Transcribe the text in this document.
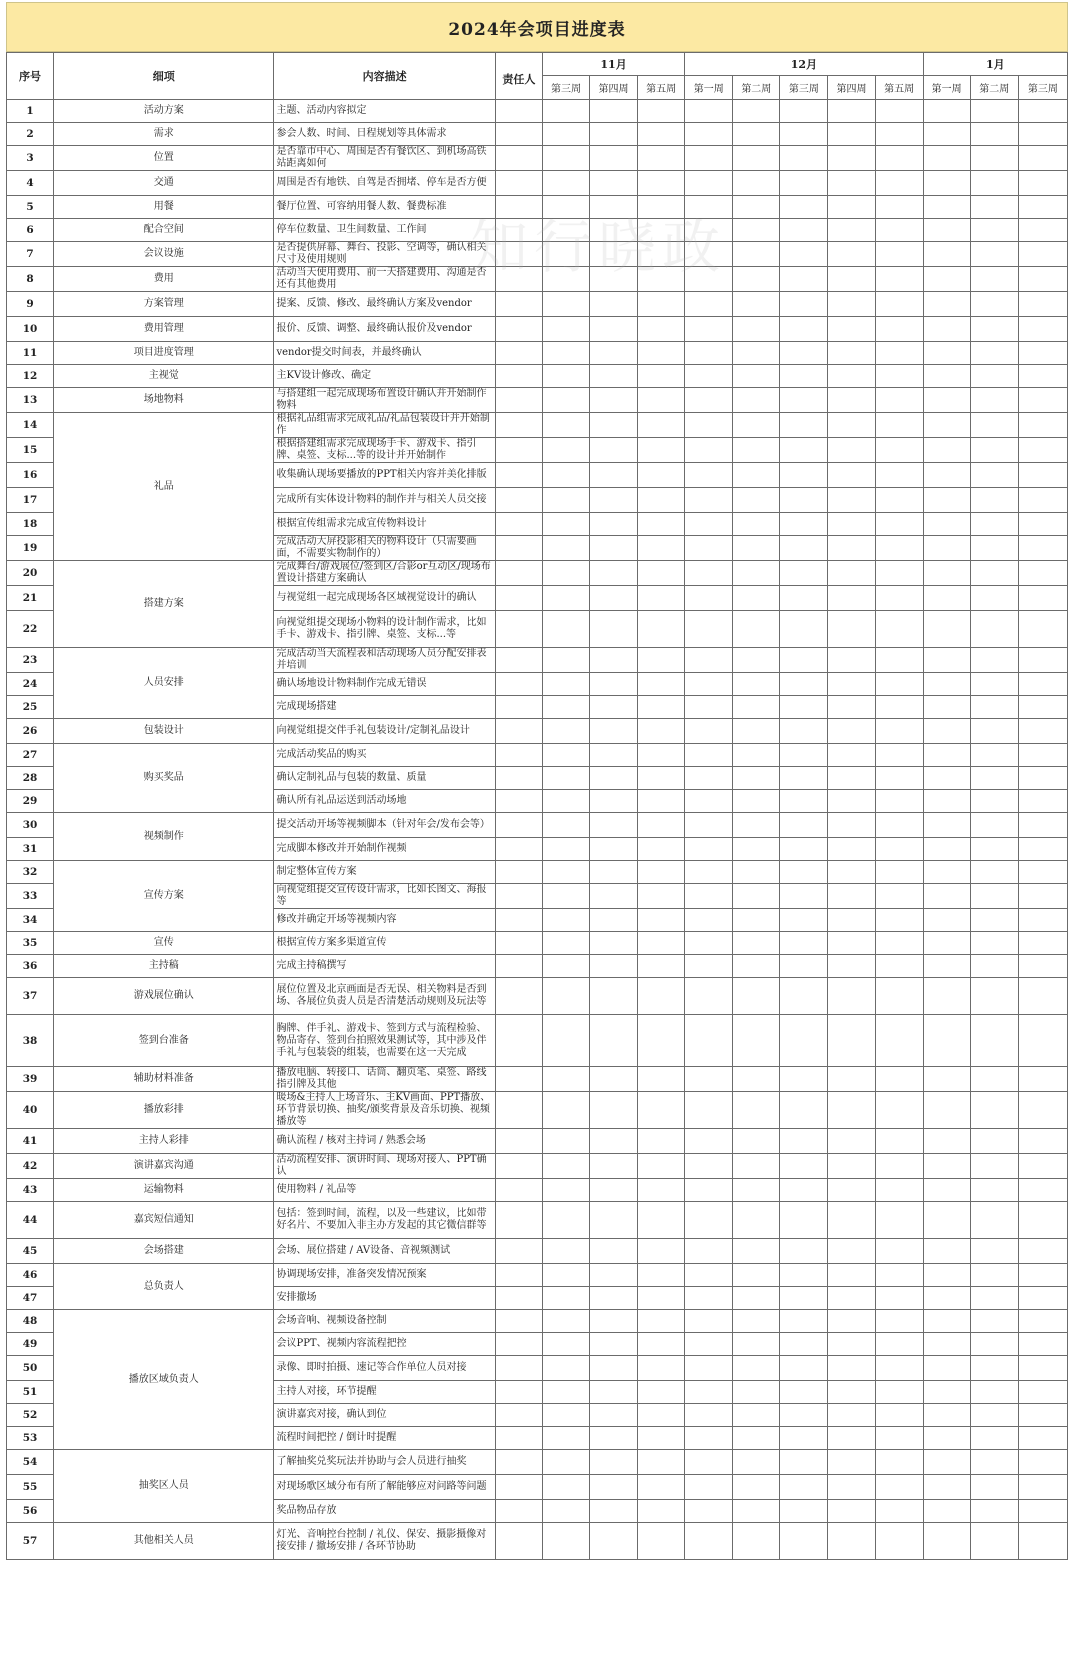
2024年会项目进度表
序号	细项	内容描述	责任人	11月			12月					1月		
				第三周	第四周	第五周	第一周	第二周	第三周	第四周	第五周	第一周	第二周	第三周
1	活动方案	主题、活动内容拟定												
2	需求	参会人数、时间、日程规划等具体需求												
3	位置	是否靠市中心、周围是否有餐饮区、到机场高铁站距离如何												
4	交通	周围是否有地铁、自驾是否拥堵、停车是否方便												
5	用餐	餐厅位置、可容纳用餐人数、餐费标准												
6	配合空间	停车位数量、卫生间数量、工作间												
7	会议设施	是否提供屏幕、舞台、投影、空调等，确认相关尺寸及使用规则												
8	费用	活动当天使用费用、前一天搭建费用、沟通是否还有其他费用												
9	方案管理	提案、反馈、修改、最终确认方案及vendor												
10	费用管理	报价、反馈、调整、最终确认报价及vendor												
11	项目进度管理	vendor提交时间表，并最终确认												
12	主视觉	主KV设计修改、确定												
13	场地物料	与搭建组一起完成现场布置设计确认并开始制作物料												
14	礼品	根据礼品组需求完成礼品/礼品包装设计并开始制作												
15		根据搭建组需求完成现场手卡、游戏卡、指引牌、桌签、支标...等的设计并开始制作												
16		收集确认现场要播放的PPT相关内容并美化排版												
17		完成所有实体设计物料的制作并与相关人员交接												
18		根据宣传组需求完成宣传物料设计												
19		完成活动大屏投影相关的物料设计（只需要画面，不需要实物制作的）												
20	搭建方案	完成舞台/游戏展位/签到区/合影or互动区/现场布置设计搭建方案确认												
21		与视觉组一起完成现场各区域视觉设计的确认												
22		向视觉组提交现场小物料的设计制作需求，比如手卡、游戏卡、指引牌、桌签、支标...等												
23	人员安排	完成活动当天流程表和活动现场人员分配安排表并培训												
24		确认场地设计物料制作完成无错误												
25		完成现场搭建												
26	包装设计	向视觉组提交伴手礼包装设计/定制礼品设计												
27	购买奖品	完成活动奖品的购买												
28		确认定制礼品与包装的数量、质量												
29		确认所有礼品运送到活动场地												
30	视频制作	提交活动开场等视频脚本（针对年会/发布会等）												
31		完成脚本修改并开始制作视频												
32	宣传方案	制定整体宣传方案												
33		向视觉组提交宣传设计需求，比如长图文、海报等												
34		修改并确定开场等视频内容												
35	宣传	根据宣传方案多渠道宣传												
36	主持稿	完成主持稿撰写												
37	游戏展位确认	展位位置及北京画面是否无误、相关物料是否到场、各展位负责人员是否清楚活动规则及玩法等												
38	签到台准备	胸牌、伴手礼、游戏卡、签到方式与流程检验、物品寄存、签到台拍照效果测试等，其中涉及伴手礼与包装袋的组装，也需要在这一天完成												
39	辅助材料准备	播放电脑、转接口、话筒、翻页笔、桌签、路线指引牌及其他												
40	播放彩排	暖场&主持人上场音乐、主KV画面、PPT播放、环节背景切换、抽奖/颁奖背景及音乐切换、视频播放等												
41	主持人彩排	确认流程 / 核对主持词 / 熟悉会场												
42	演讲嘉宾沟通	活动流程安排、演讲时间、现场对接人、PPT确认												
43	运输物料	使用物料 / 礼品等												
44	嘉宾短信通知	包括：签到时间，流程，以及一些建议，比如带好名片、不要加入非主办方发起的其它微信群等												
45	会场搭建	会场、展位搭建 / AV设备、音视频测试												
46	总负责人	协调现场安排，准备突发情况预案												
47		安排撤场												
48	播放区域负责人	会场音响、视频设备控制												
49		会议PPT、视频内容流程把控												
50		录像、即时拍摄、速记等合作单位人员对接												
51		主持人对接，环节提醒												
52		演讲嘉宾对接，确认到位												
53		流程时间把控 / 倒计时提醒												
54	抽奖区人员	了解抽奖兑奖玩法并协助与会人员进行抽奖												
55		对现场歌区域分布有所了解能够应对问路等问题												
56		奖品物品存放												
57	其他相关人员	灯光、音响控台控制 / 礼仪、保安、摄影摄像对接安排 / 撤场安排 / 各环节协助												
知行晓政
